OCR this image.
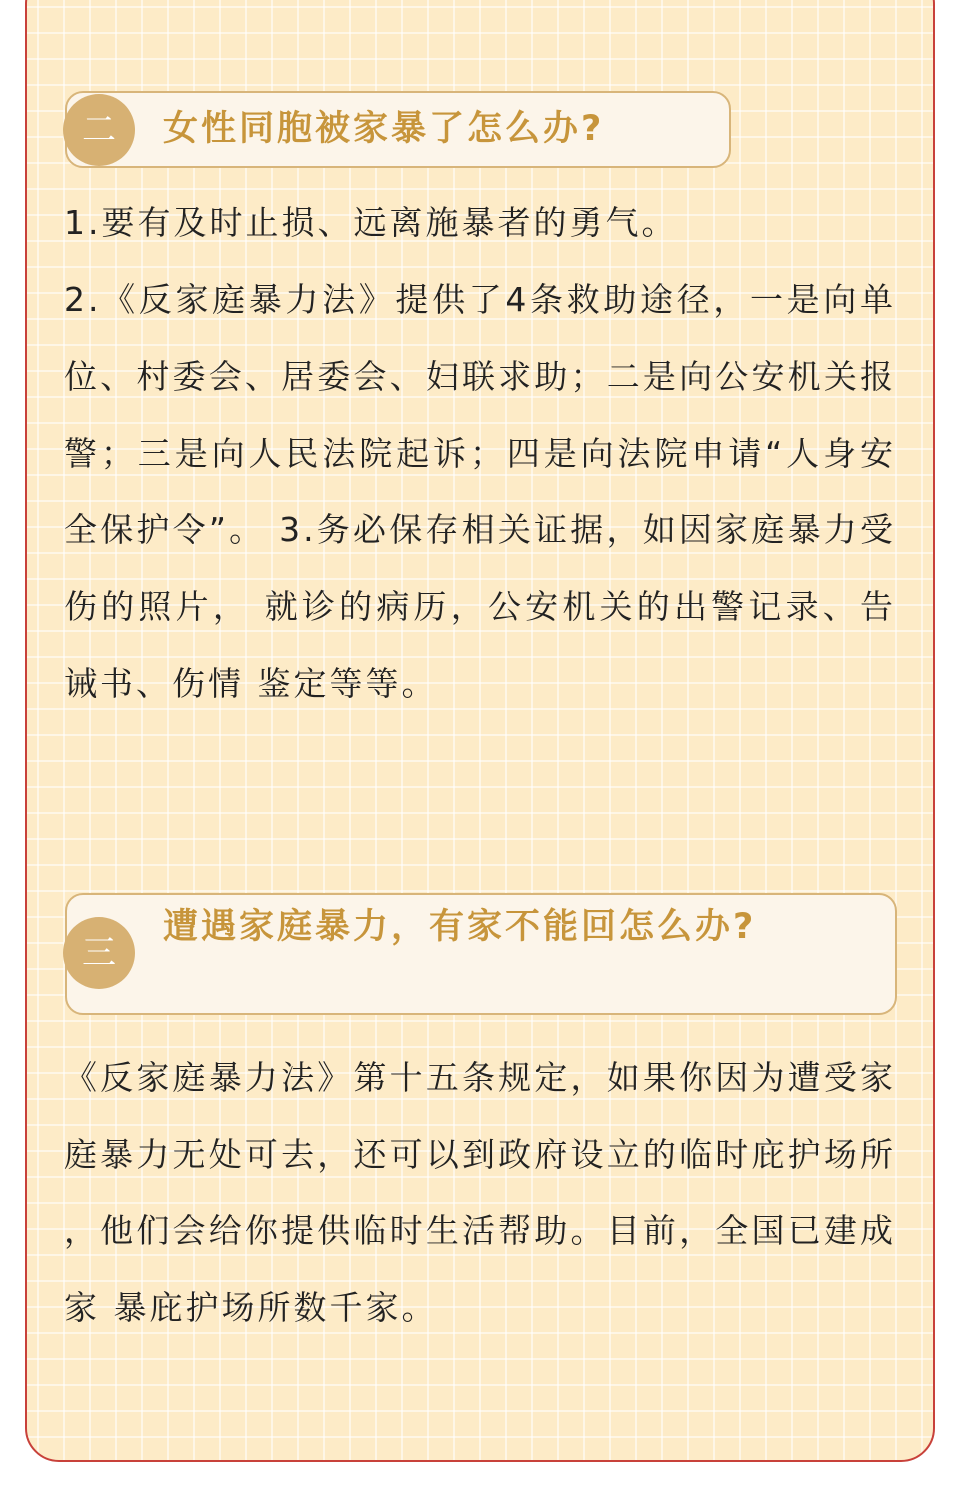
二	女性同胞被家暴了怎么办?

1.要有及时止损、远离施暴者的勇气。

2.《反家庭暴力法》提供了4条救助途径，一是向单位、村委会、居委会、妇联求助；二是向公安机关报警；三是向人民法院起诉；四是向法院申请“人身安全保护令”。 3.务必保存相关证据，如因家庭暴力受伤的照片， 就诊的病历，公安机关的出警记录、告诫书、伤情 鉴定等等。

三
遭遇家庭暴力，有家不能回怎么办?

《反家庭暴力法》第十五条规定，如果你因为遭受家庭暴力无处可去，还可以到政府设立的临时庇护场所 ，他们会给你提供临时生活帮助。目前，全国已建成家 暴庇护场所数千家。
